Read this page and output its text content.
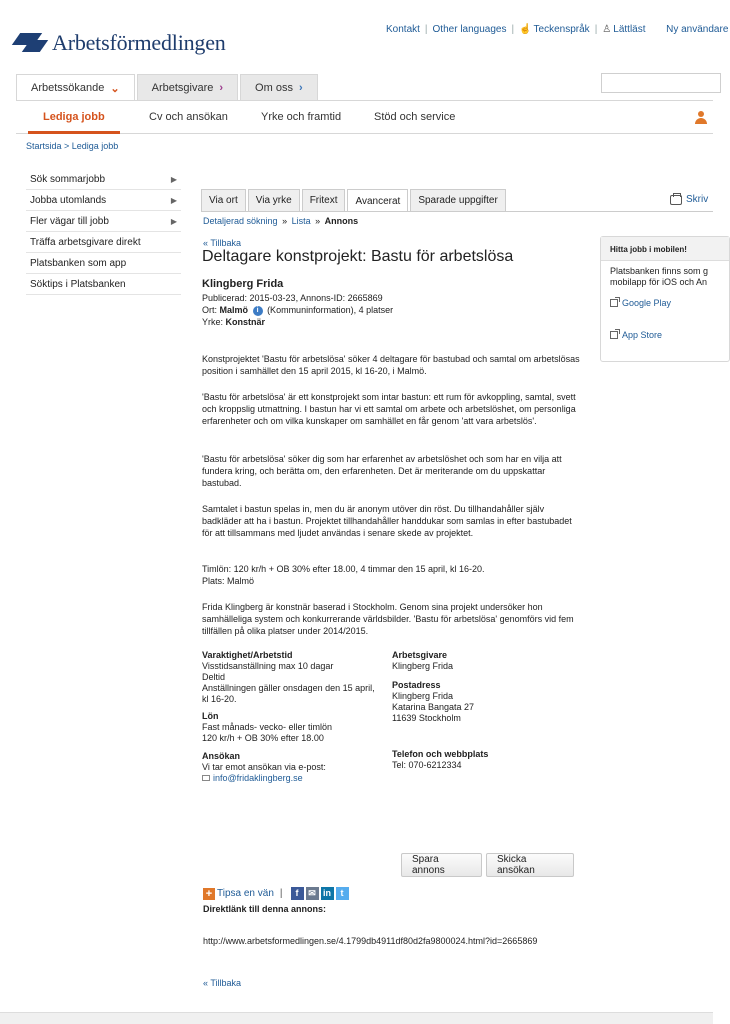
Arbetsförmedlingen
Kontakt | Other languages | ☝ Teckenspråk | ♙ Lättläst Ny användare
Arbetssökande ⌄	Arbetsgivare ›	Om oss ›
Lediga jobb	Cv och ansökan	Yrke och framtid	Stöd och service
Startsida > Lediga jobb
Sök sommarjobb	▶
Jobba utomlands	▶
Fler vägar till jobb	▶
Träffa arbetsgivare direkt
Platsbanken som app
Söktips i Platsbanken
Via ort	Via yrke	Fritext	Avancerat	Sparade uppgifter	Skriv
Detaljerad sökning » Lista » Annons
« Tillbaka
Deltagare konstprojekt: Bastu för arbetslösa
Klingberg Frida
Publicerad: 2015-03-23, Annons-ID: 2665869
Ort: Malmö i (Kommuninformation), 4 platser
Yrke: Konstnär
Konstprojektet 'Bastu för arbetslösa' söker 4 deltagare för bastubad och samtal om arbetslösas position i samhället den 15 april 2015, kl 16-20, i Malmö.
'Bastu för arbetslösa' är ett konstprojekt som intar bastun: ett rum för avkoppling, samtal, svett och kroppslig utmattning. I bastun har vi ett samtal om arbete och arbetslöshet, om personliga erfarenheter och om vilka kunskaper om samhället en får genom 'att vara arbetslös'.
'Bastu för arbetslösa' söker dig som har erfarenhet av arbetslöshet och som har en vilja att fundera kring, och berätta om, den erfarenheten. Det är meriterande om du uppskattar bastubad.
Samtalet i bastun spelas in, men du är anonym utöver din röst. Du tillhandahåller själv badkläder att ha i bastun. Projektet tillhandahåller handdukar som samlas in efter bastubadet för att tillsammans med ljudet användas i senare skede av projektet.
Timlön: 120 kr/h + OB 30% efter 18.00, 4 timmar den 15 april, kl 16-20.
Plats: Malmö
Frida Klingberg är konstnär baserad i Stockholm. Genom sina projekt undersöker hon samhälleliga system och konkurrerande världsbilder. 'Bastu för arbetslösa' genomförs vid fem tillfällen på olika platser under 2014/2015.
Varaktighet/Arbetstid
Visstidsanställning max 10 dagar
Deltid
Anställningen gäller onsdagen den 15 april, kl 16-20.
Lön
Fast månads- vecko- eller timlön
120 kr/h + OB 30% efter 18.00
Ansökan
Vi tar emot ansökan via e-post:
info@fridaklingberg.se
Arbetsgivare
Klingberg Frida
Postadress
Klingberg Frida
Katarina Bangata 27
11639 Stockholm
Telefon och webbplats
Tel: 070-6212334
Spara annons
Skicka ansökan
+ Tipsa en vän |	f	✉ in	t
Direktlänk till denna annons:
http://www.arbetsformedlingen.se/4.1799db4911df80d2fa9800024.html?id=2665869
« Tillbaka
Hitta jobb i mobilen!
Platsbanken finns som g
mobilapp för iOS och An
Google Play
App Store
